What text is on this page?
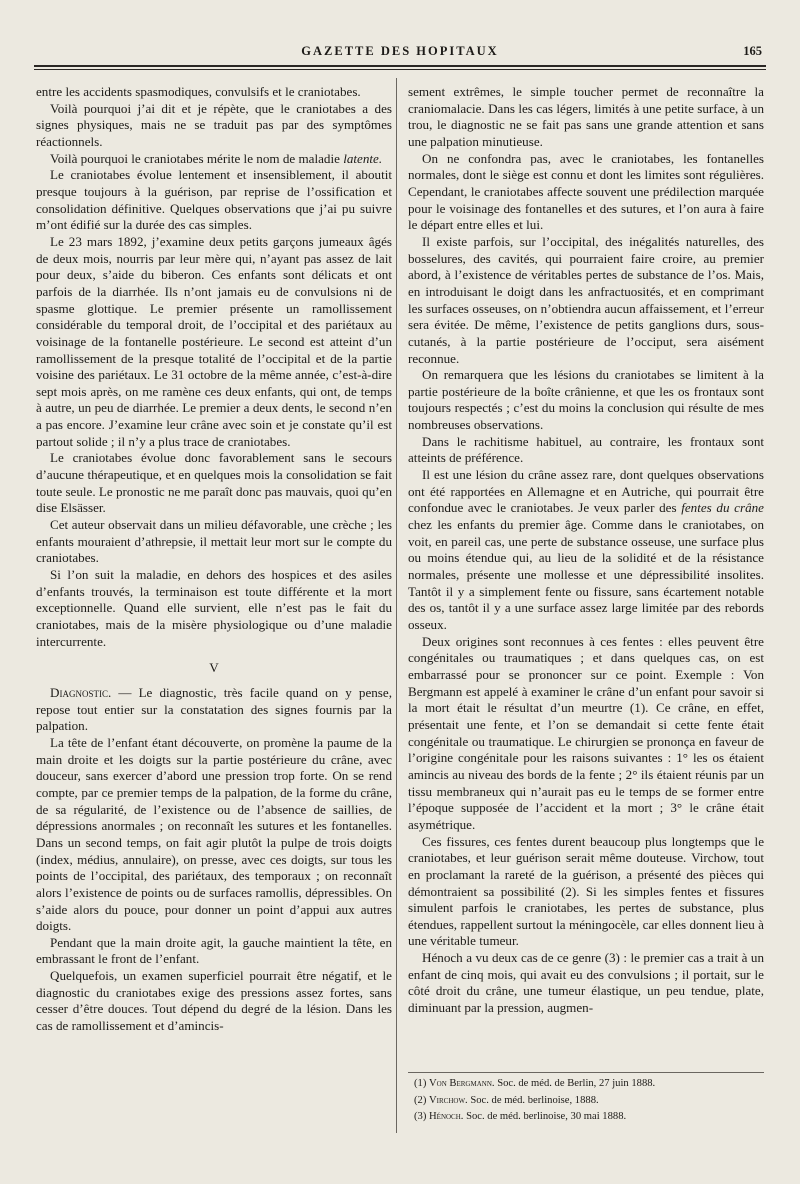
GAZETTE DES HOPITAUX	165

entre les accidents spasmodiques, convulsifs et le craniotabes.

Voilà pourquoi j’ai dit et je répète, que le craniotabes a des signes physiques, mais ne se traduit pas par des symptômes réactionnels.

Voilà pourquoi le craniotabes mérite le nom de maladie latente.

Le craniotabes évolue lentement et insensiblement, il aboutit presque toujours à la guérison, par reprise de l’ossification et consolidation définitive. Quelques observations que j’ai pu suivre m’ont édifié sur la durée des cas simples.

Le 23 mars 1892, j’examine deux petits garçons jumeaux âgés de deux mois, nourris par leur mère qui, n’ayant pas assez de lait pour deux, s’aide du biberon. Ces enfants sont délicats et ont parfois de la diarrhée. Ils n’ont jamais eu de convulsions ni de spasme glottique. Le premier présente un ramollissement considérable du temporal droit, de l’occipital et des pariétaux au voisinage de la fontanelle postérieure. Le second est atteint d’un ramollissement de la presque totalité de l’occipital et de la partie voisine des pariétaux. Le 31 octobre de la même année, c’est-à-dire sept mois après, on me ramène ces deux enfants, qui ont, de temps à autre, un peu de diarrhée. Le premier a deux dents, le second n’en a pas encore. J’examine leur crâne avec soin et je constate qu’il est partout solide ; il n’y a plus trace de craniotabes.

Le craniotabes évolue donc favorablement sans le secours d’aucune thérapeutique, et en quelques mois la consolidation se fait toute seule. Le pronostic ne me paraît donc pas mauvais, quoi qu’en dise Elsässer.

Cet auteur observait dans un milieu défavorable, une crèche ; les enfants mouraient d’athrepsie, il mettait leur mort sur le compte du craniotabes.

Si l’on suit la maladie, en dehors des hospices et des asiles d’enfants trouvés, la terminaison est toute différente et la mort exceptionnelle. Quand elle survient, elle n’est pas le fait du craniotabes, mais de la misère physiologique ou d’une maladie intercurrente.

V

Diagnostic. — Le diagnostic, très facile quand on y pense, repose tout entier sur la constatation des signes fournis par la palpation.

La tête de l’enfant étant découverte, on promène la paume de la main droite et les doigts sur la partie postérieure du crâne, avec douceur, sans exercer d’abord une pression trop forte. On se rend compte, par ce premier temps de la palpation, de la forme du crâne, de sa régularité, de l’existence ou de l’absence de saillies, de dépressions anormales ; on reconnaît les sutures et les fontanelles. Dans un second temps, on fait agir plutôt la pulpe de trois doigts (index, médius, annulaire), on presse, avec ces doigts, sur tous les points de l’occipital, des pariétaux, des temporaux ; on reconnaît alors l’existence de points ou de surfaces ramollis, dépressibles. On s’aide alors du pouce, pour donner un point d’appui aux autres doigts.

Pendant que la main droite agit, la gauche maintient la tête, en embrassant le front de l’enfant.

Quelquefois, un examen superficiel pourrait être négatif, et le diagnostic du craniotabes exige des pressions assez fortes, sans cesser d’être douces. Tout dépend du degré de la lésion. Dans les cas de ramollissement et d’amincis-

sement extrêmes, le simple toucher permet de reconnaître la craniomalacie. Dans les cas légers, limités à une petite surface, à un trou, le diagnostic ne se fait pas sans une grande attention et sans une palpation minutieuse.

On ne confondra pas, avec le craniotabes, les fontanelles normales, dont le siège est connu et dont les limites sont régulières. Cependant, le craniotabes affecte souvent une prédilection marquée pour le voisinage des fontanelles et des sutures, et l’on aura à faire le départ entre elles et lui.

Il existe parfois, sur l’occipital, des inégalités naturelles, des bosselures, des cavités, qui pourraient faire croire, au premier abord, à l’existence de véritables pertes de substance de l’os. Mais, en introduisant le doigt dans les anfractuosités, et en comprimant les surfaces osseuses, on n’obtiendra aucun affaissement, et l’erreur sera évitée. De même, l’existence de petits ganglions durs, sous-cutanés, à la partie postérieure de l’occiput, sera aisément reconnue.

On remarquera que les lésions du craniotabes se limitent à la partie postérieure de la boîte crânienne, et que les os frontaux sont toujours respectés ; c’est du moins la conclusion qui résulte de mes nombreuses observations.

Dans le rachitisme habituel, au contraire, les frontaux sont atteints de préférence.

Il est une lésion du crâne assez rare, dont quelques observations ont été rapportées en Allemagne et en Autriche, qui pourrait être confondue avec le craniotabes. Je veux parler des fentes du crâne chez les enfants du premier âge. Comme dans le craniotabes, on voit, en pareil cas, une perte de substance osseuse, une surface plus ou moins étendue qui, au lieu de la solidité et de la résistance normales, présente une mollesse et une dépressibilité insolites. Tantôt il y a simplement fente ou fissure, sans écartement notable des os, tantôt il y a une surface assez large limitée par des rebords osseux.

Deux origines sont reconnues à ces fentes : elles peuvent être congénitales ou traumatiques ; et dans quelques cas, on est embarrassé pour se prononcer sur ce point. Exemple : Von Bergmann est appelé à examiner le crâne d’un enfant pour savoir si la mort était le résultat d’un meurtre (1). Ce crâne, en effet, présentait une fente, et l’on se demandait si cette fente était congénitale ou traumatique. Le chirurgien se prononça en faveur de l’origine congénitale pour les raisons suivantes : 1° les os étaient amincis au niveau des bords de la fente ; 2° ils étaient réunis par un tissu membraneux qui n’aurait pas eu le temps de se former entre l’époque supposée de l’accident et la mort ; 3° le crâne était asymétrique.

Ces fissures, ces fentes durent beaucoup plus longtemps que le craniotabes, et leur guérison serait même douteuse. Virchow, tout en proclamant la rareté de la guérison, a présenté des pièces qui démontraient sa possibilité (2). Si les simples fentes et fissures simulent parfois le craniotabes, les pertes de substance, plus étendues, rappellent surtout la méningocèle, car elles donnent lieu à une véritable tumeur.

Hénoch a vu deux cas de ce genre (3) : le premier cas a trait à un enfant de cinq mois, qui avait eu des convulsions ; il portait, sur le côté droit du crâne, une tumeur élastique, un peu tendue, plate, diminuant par la pression, augmen-

(1) Von Bergmann. Soc. de méd. de Berlin, 27 juin 1888.
(2) Virchow. Soc. de méd. berlinoise, 1888.
(3) Hénoch. Soc. de méd. berlinoise, 30 mai 1888.
